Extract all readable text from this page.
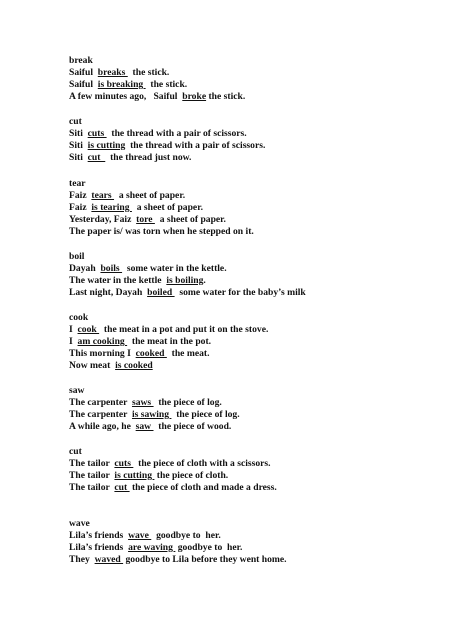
break
Saiful  breaks   the stick.
Saiful  is breaking   the stick.
A few minutes ago,   Saiful  broke the stick.
cut
Siti  cuts   the thread with a pair of scissors.
Siti  is cutting  the thread with a pair of scissors.
Siti  cut    the thread just now.
tear
Faiz  tears   a sheet of paper.
Faiz  is tearing   a sheet of paper.
Yesterday, Faiz  tore   a sheet of paper.
The paper is/ was torn when he stepped on it.
boil
Dayah  boils   some water in the kettle.
The water in the kettle  is boiling.
Last night, Dayah  boiled   some water for the baby’s milk
cook
I  cook   the meat in a pot and put it on the stove.
I  am cooking   the meat in the pot.
This morning I  cooked   the meat.
Now meat  is cooked
saw
The carpenter  saws   the piece of log.
The carpenter  is sawing   the piece of log.
A while ago, he  saw   the piece of wood.
cut
The tailor  cuts   the piece of cloth with a scissors.
The tailor  is cutting  the piece of cloth.
The tailor  cut  the piece of cloth and made a dress.
wave
Lila’s friends  wave   goodbye to  her.
Lila’s friends  are waving  goodbye to  her.
They  waved  goodbye to Lila before they went home.
